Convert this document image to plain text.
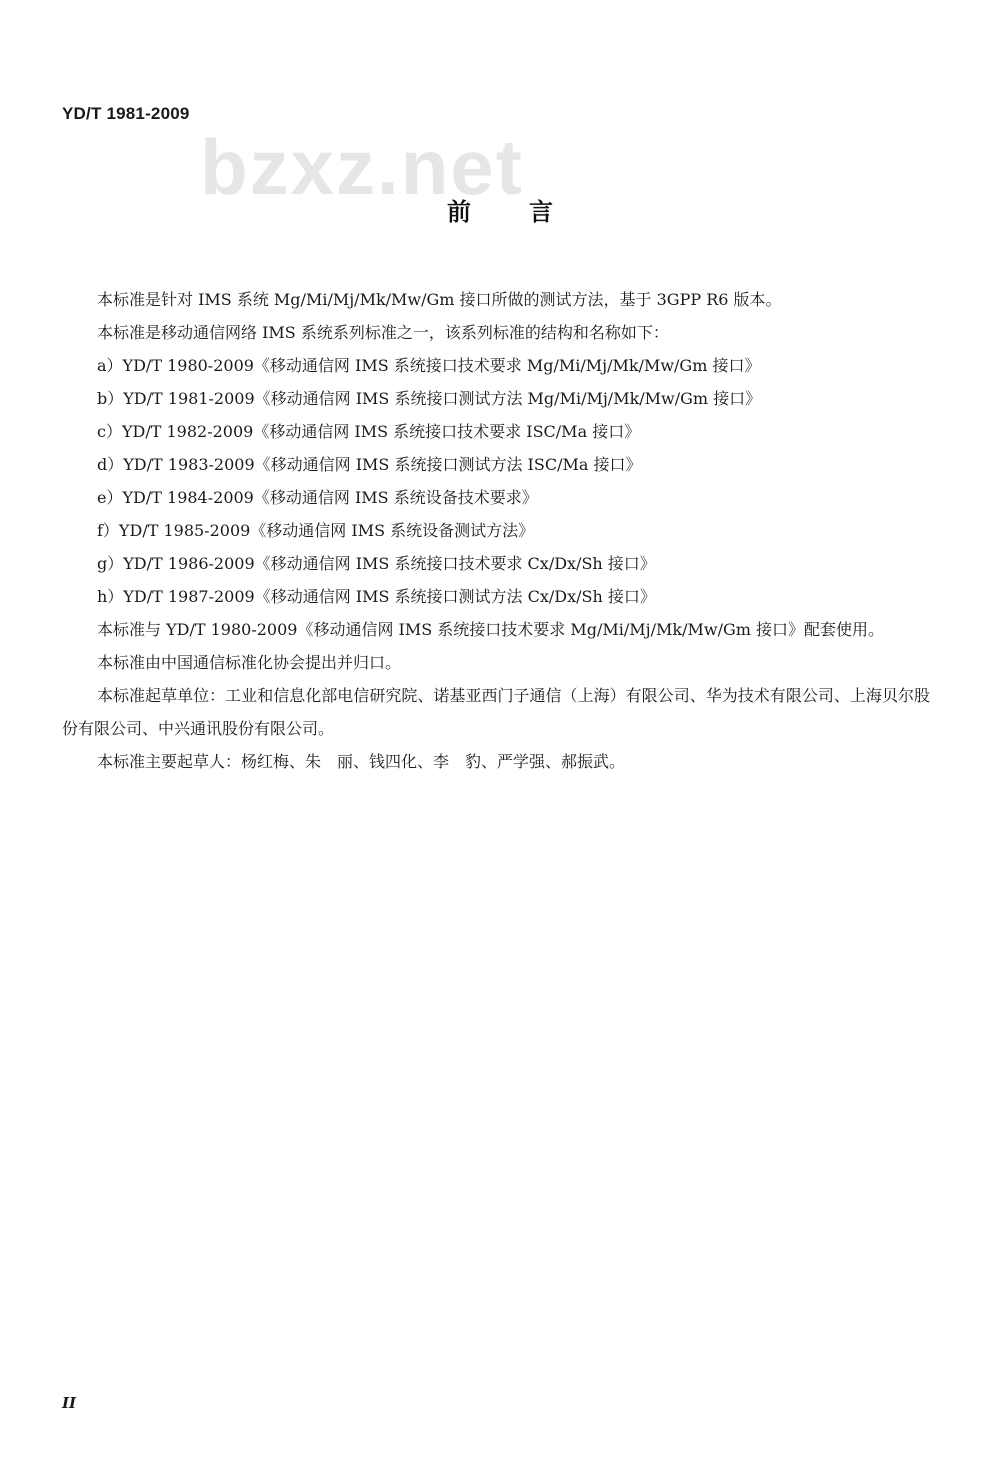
YD/T 1981-2009
bzxz.net
前言

本标准是针对 IMS 系统 Mg/Mi/Mj/Mk/Mw/Gm 接口所做的测试方法，基于 3GPP R6 版本。

本标准是移动通信网络 IMS 系统系列标准之一，该系列标准的结构和名称如下：

a）YD/T 1980-2009《移动通信网 IMS 系统接口技术要求 Mg/Mi/Mj/Mk/Mw/Gm 接口》
b）YD/T 1981-2009《移动通信网 IMS 系统接口测试方法 Mg/Mi/Mj/Mk/Mw/Gm 接口》
c）YD/T 1982-2009《移动通信网 IMS 系统接口技术要求 ISC/Ma 接口》
d）YD/T 1983-2009《移动通信网 IMS 系统接口测试方法 ISC/Ma 接口》
e）YD/T 1984-2009《移动通信网 IMS 系统设备技术要求》
f）YD/T 1985-2009《移动通信网 IMS 系统设备测试方法》
g）YD/T 1986-2009《移动通信网 IMS 系统接口技术要求 Cx/Dx/Sh 接口》
h）YD/T 1987-2009《移动通信网 IMS 系统接口测试方法 Cx/Dx/Sh 接口》

本标准与 YD/T 1980-2009《移动通信网 IMS 系统接口技术要求 Mg/Mi/Mj/Mk/Mw/Gm 接口》配套使用。

本标准由中国通信标准化协会提出并归口。

本标准起草单位：工业和信息化部电信研究院、诺基亚西门子通信（上海）有限公司、华为技术有限公司、上海贝尔股份有限公司、中兴通讯股份有限公司。

本标准主要起草人：杨红梅、朱　丽、钱四化、李　豹、严学强、郝振武。

II
